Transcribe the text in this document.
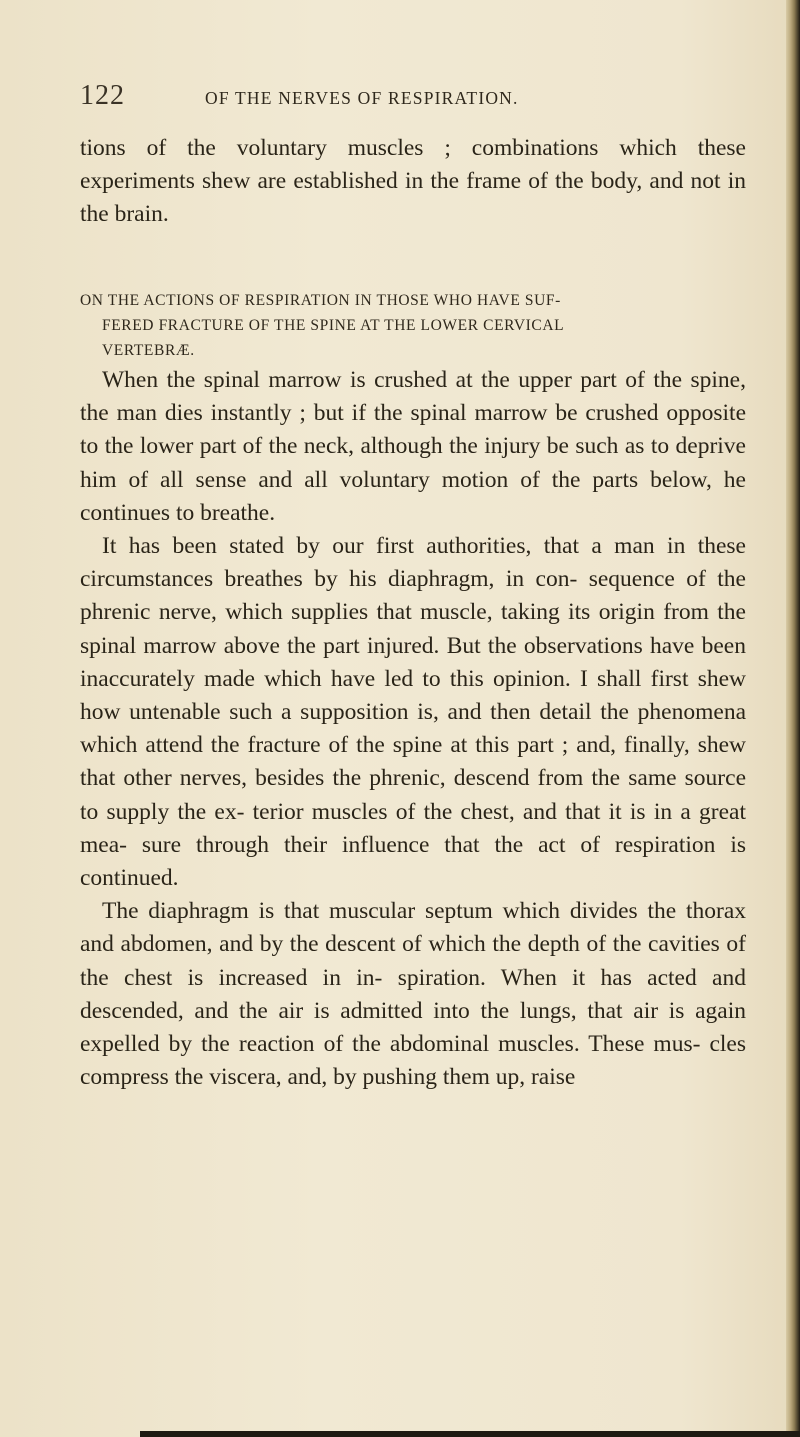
122	OF THE NERVES OF RESPIRATION.

tions of the voluntary muscles ; combinations which these experiments shew are established in the frame of the body, and not in the brain.

ON THE ACTIONS OF RESPIRATION IN THOSE WHO HAVE SUF-
FERED FRACTURE OF THE SPINE AT THE LOWER CERVICAL
VERTEBRÆ.

When the spinal marrow is crushed at the upper part of the spine, the man dies instantly ; but if the spinal marrow be crushed opposite to the lower part of the neck, although the injury be such as to deprive him of all sense and all voluntary motion of the parts below, he continues to breathe.

It has been stated by our first authorities, that a man in these circumstances breathes by his diaphragm, in con- sequence of the phrenic nerve, which supplies that muscle, taking its origin from the spinal marrow above the part injured. But the observations have been inaccurately made which have led to this opinion. I shall first shew how untenable such a supposition is, and then detail the phenomena which attend the fracture of the spine at this part ; and, finally, shew that other nerves, besides the phrenic, descend from the same source to supply the ex- terior muscles of the chest, and that it is in a great mea- sure through their influence that the act of respiration is continued.

The diaphragm is that muscular septum which divides the thorax and abdomen, and by the descent of which the depth of the cavities of the chest is increased in in- spiration. When it has acted and descended, and the air is admitted into the lungs, that air is again expelled by the reaction of the abdominal muscles. These mus- cles compress the viscera, and, by pushing them up, raise
